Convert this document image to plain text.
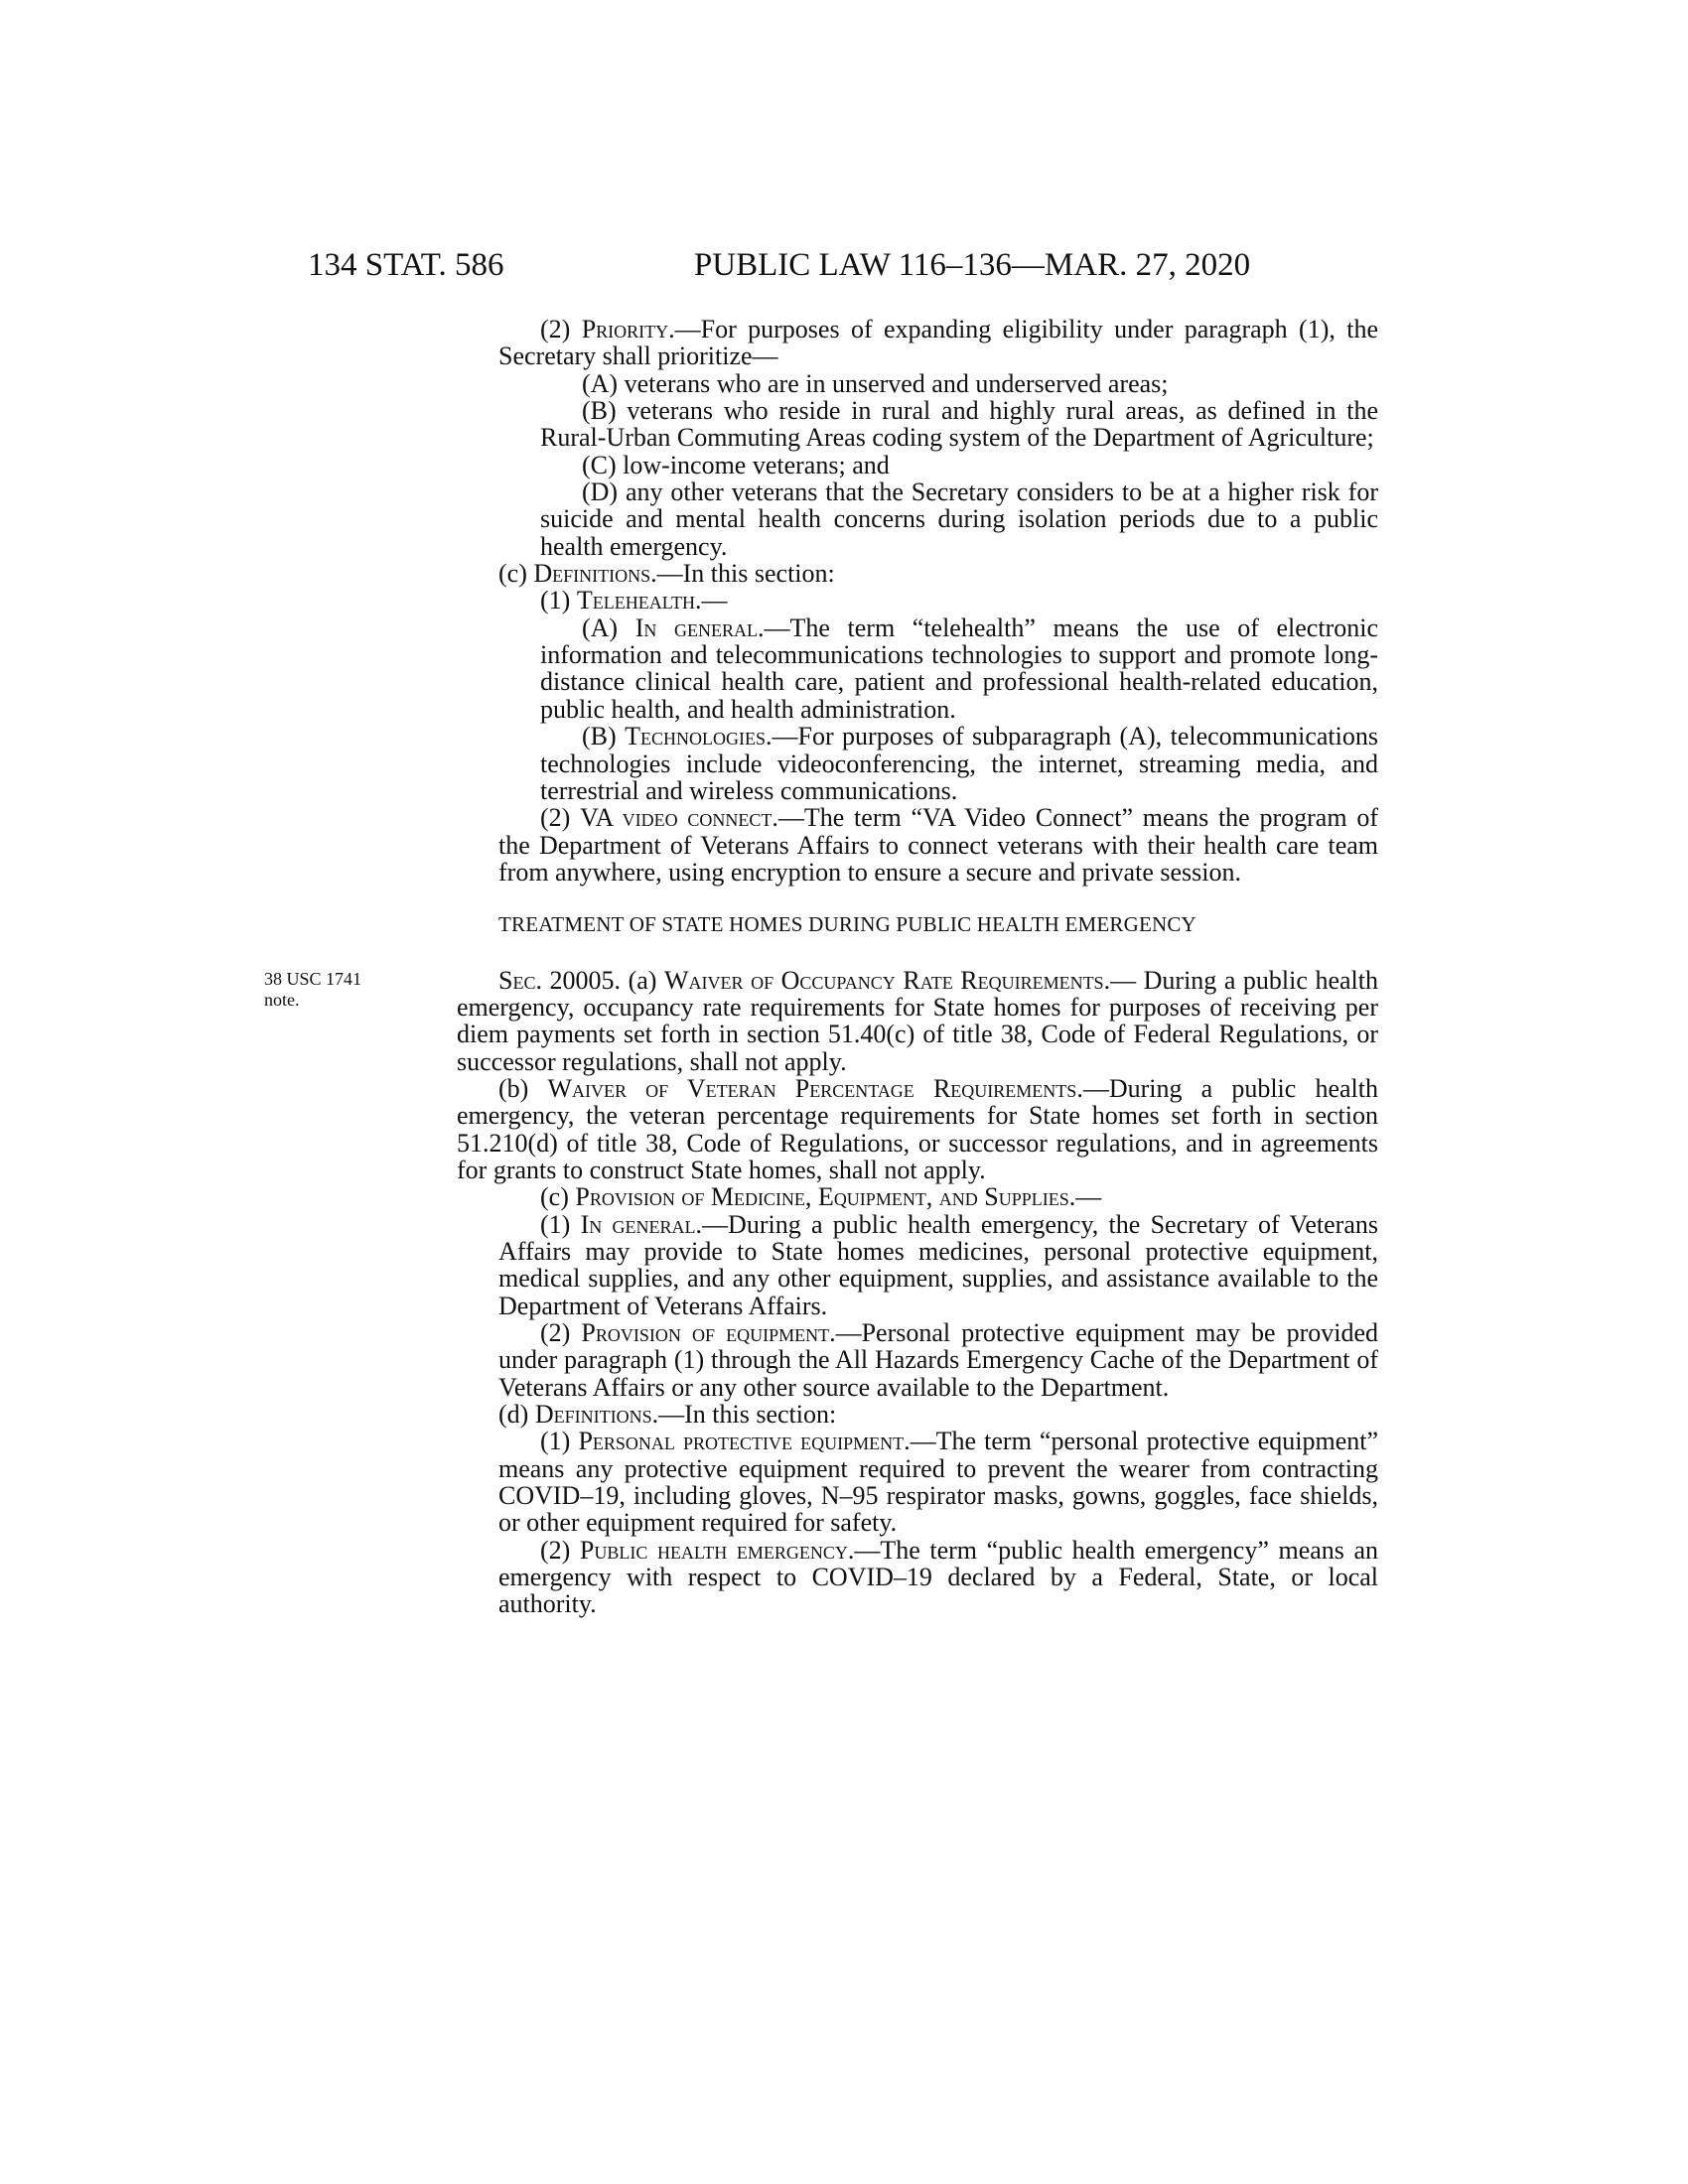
134 STAT. 586	PUBLIC LAW 116–136—MAR. 27, 2020

(2) Priority.—For purposes of expanding eligibility under paragraph (1), the Secretary shall prioritize—

(A) veterans who are in unserved and underserved areas;

(B) veterans who reside in rural and highly rural areas, as defined in the Rural-Urban Commuting Areas coding system of the Department of Agriculture;

(C) low-income veterans; and

(D) any other veterans that the Secretary considers to be at a higher risk for suicide and mental health concerns during isolation periods due to a public health emergency.

(c) Definitions.—In this section:

(1) Telehealth.—

(A) In general.—The term “telehealth” means the use of electronic information and telecommunications technologies to support and promote long-distance clinical health care, patient and professional health-related education, public health, and health administration.

(B) Technologies.—For purposes of subparagraph (A), telecommunications technologies include videoconferencing, the internet, streaming media, and terrestrial and wireless communications.

(2) VA video connect.—The term “VA Video Connect” means the program of the Department of Veterans Affairs to connect veterans with their health care team from anywhere, using encryption to ensure a secure and private session.

TREATMENT OF STATE HOMES DURING PUBLIC HEALTH EMERGENCY

38 USC 1741
note.

Sec. 20005. (a) Waiver of Occupancy Rate Requirements.— During a public health emergency, occupancy rate requirements for State homes for purposes of receiving per diem payments set forth in section 51.40(c) of title 38, Code of Federal Regulations, or successor regulations, shall not apply.

(b) Waiver of Veteran Percentage Requirements.—During a public health emergency, the veteran percentage requirements for State homes set forth in section 51.210(d) of title 38, Code of Regulations, or successor regulations, and in agreements for grants to construct State homes, shall not apply.

(c) Provision of Medicine, Equipment, and Supplies.—

(1) In general.—During a public health emergency, the Secretary of Veterans Affairs may provide to State homes medicines, personal protective equipment, medical supplies, and any other equipment, supplies, and assistance available to the Department of Veterans Affairs.

(2) Provision of equipment.—Personal protective equipment may be provided under paragraph (1) through the All Hazards Emergency Cache of the Department of Veterans Affairs or any other source available to the Department.

(d) Definitions.—In this section:

(1) Personal protective equipment.—The term “personal protective equipment” means any protective equipment required to prevent the wearer from contracting COVID–19, including gloves, N–95 respirator masks, gowns, goggles, face shields, or other equipment required for safety.

(2) Public health emergency.—The term “public health emergency” means an emergency with respect to COVID–19 declared by a Federal, State, or local authority.
